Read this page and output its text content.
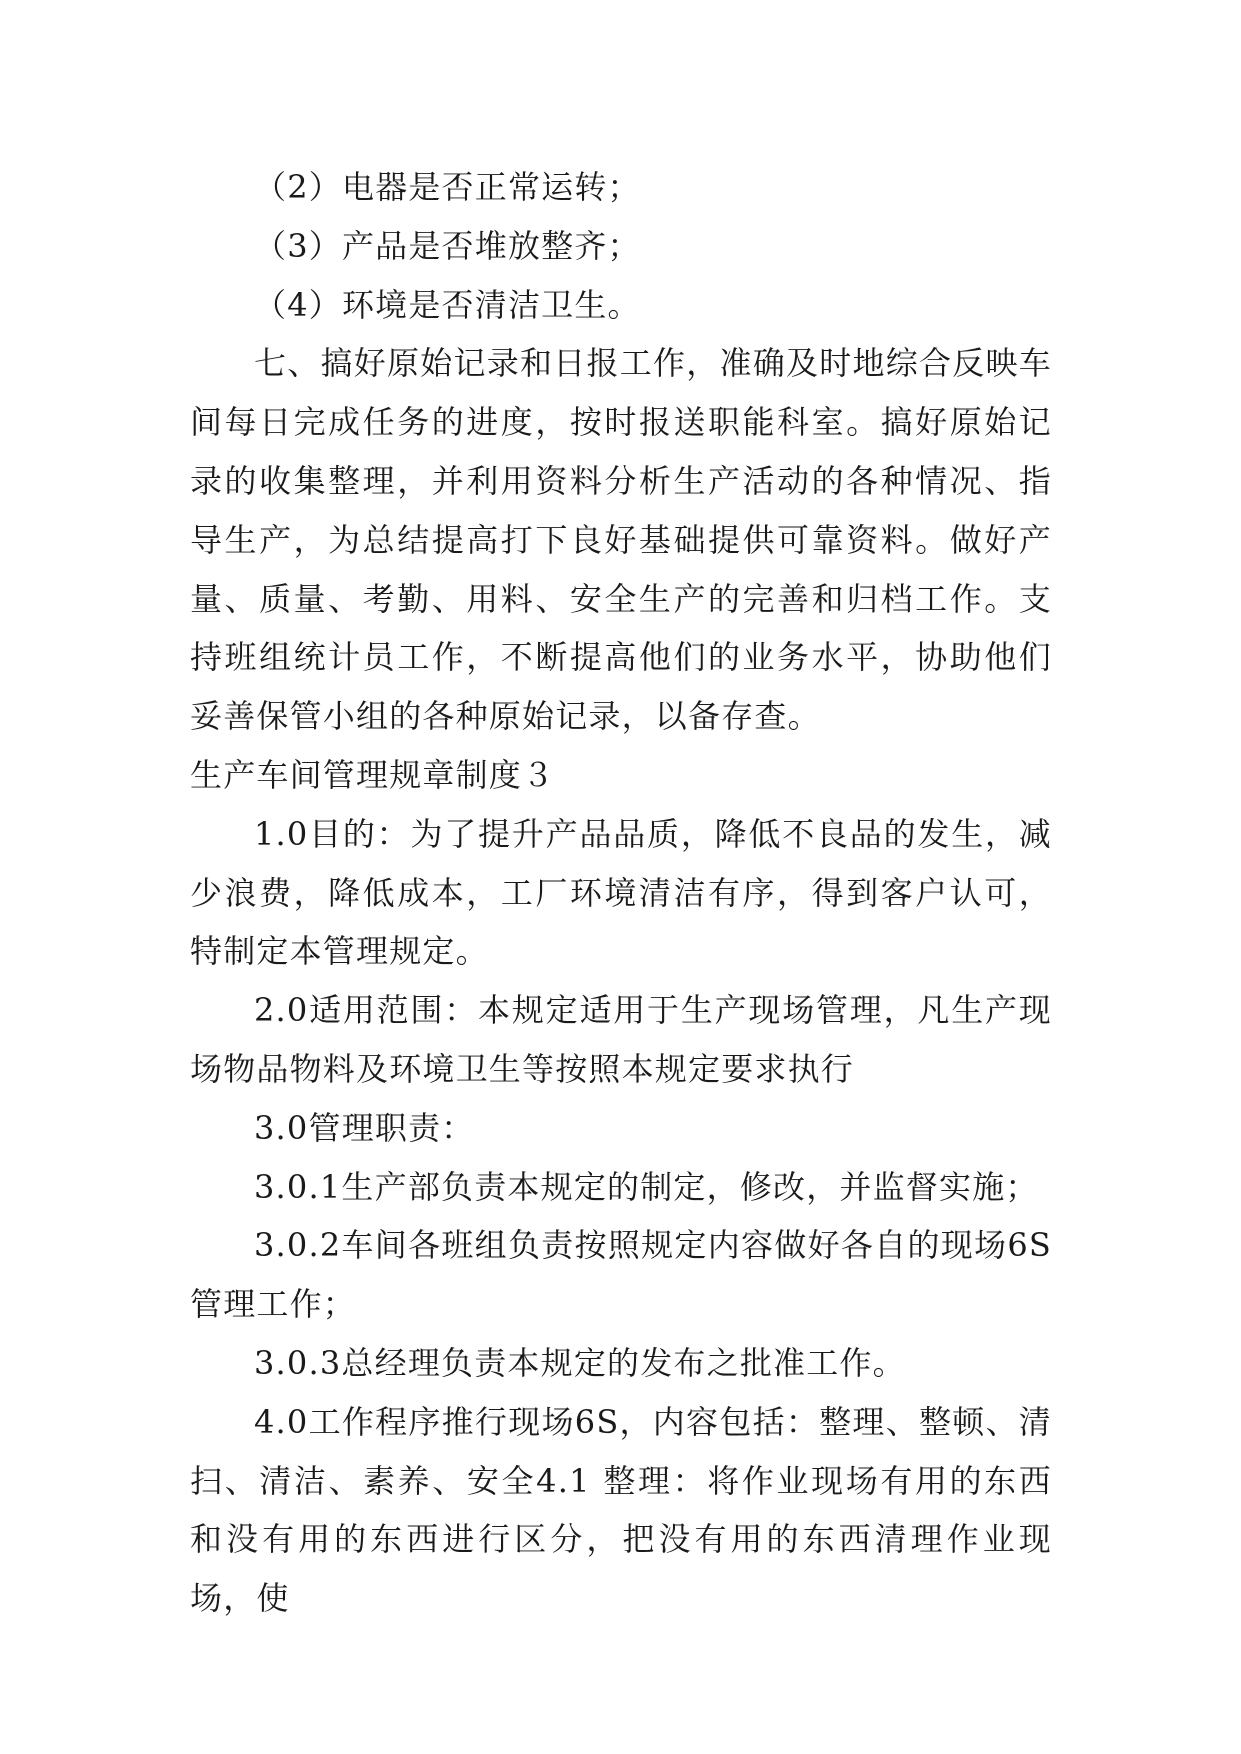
（2）电器是否正常运转；

（3）产品是否堆放整齐；

（4）环境是否清洁卫生。

七、搞好原始记录和日报工作，准确及时地综合反映车间每日完成任务的进度，按时报送职能科室。搞好原始记录的收集整理，并利用资料分析生产活动的各种情况、指导生产，为总结提高打下良好基础提供可靠资料。做好产量、质量、考勤、用料、安全生产的完善和归档工作。支持班组统计员工作，不断提高他们的业务水平，协助他们妥善保管小组的各种原始记录，以备存查。

生产车间管理规章制度３

1.0目的：为了提升产品品质，降低不良品的发生，减少浪费，降低成本，工厂环境清洁有序，得到客户认可，特制定本管理规定。

2.0适用范围：本规定适用于生产现场管理，凡生产现场物品物料及环境卫生等按照本规定要求执行

3.0管理职责：

3.0.1生产部负责本规定的制定，修改，并监督实施；

3.0.2车间各班组负责按照规定内容做好各自的现场6S管理工作；

3.0.3总经理负责本规定的发布之批准工作。

4.0工作程序推行现场6S，内容包括：整理、整顿、清扫、清洁、素养、安全4.1 整理：将作业现场有用的东西和没有用的东西进行区分，把没有用的东西清理作业现场，使
